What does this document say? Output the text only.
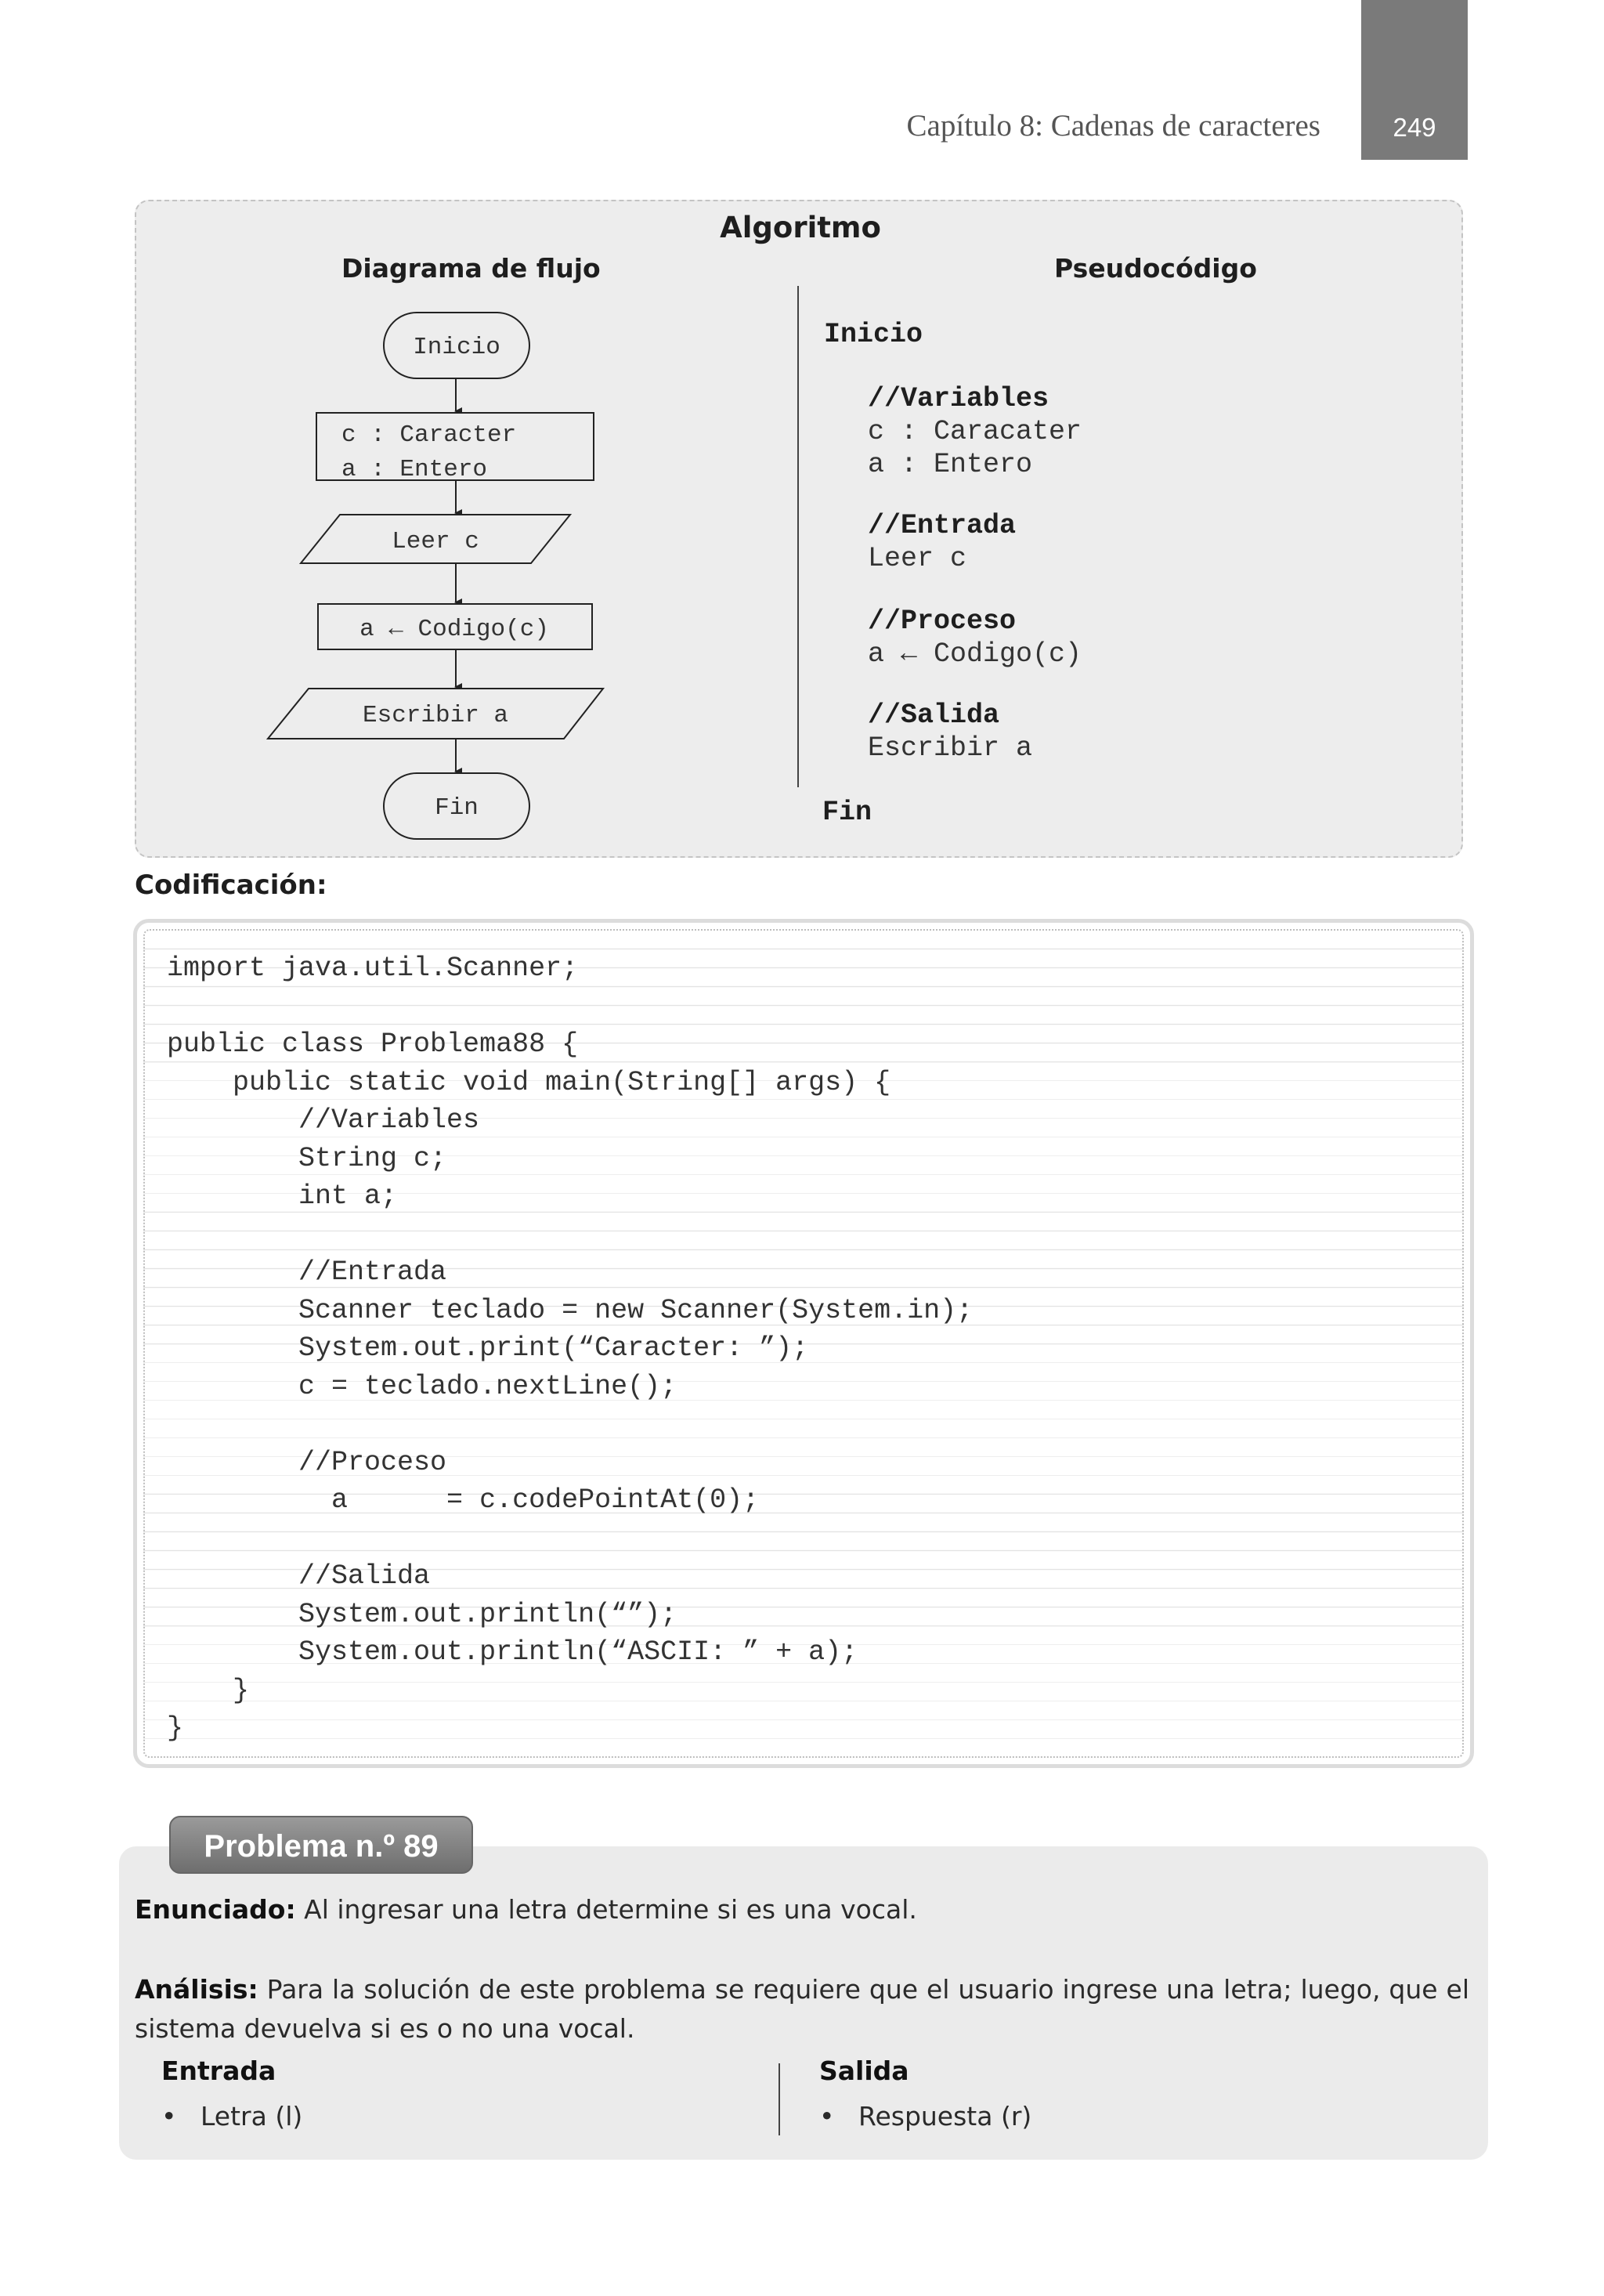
Capítulo 8: Cadenas de caracteres	249
Algoritmo
Diagrama de flujo	Pseudocódigo
Inicio
c : Caracter
a : Entero
Leer c
a ← Codigo(c)
Escribir a
Fin
Inicio
//Variables
c : Caracater
a : Entero
//Entrada
Leer c
//Proceso
a ← Codigo(c)
//Salida
Escribir a
Fin
Codificación:
import java.util.Scanner;
public class Problema88 {
public static void main(String[] args) {
//Variables
String c;
int a;
//Entrada
Scanner teclado = new Scanner(System.in);
System.out.print(“Caracter: ”);
c = teclado.nextLine();
//Proceso
a      = c.codePointAt(0);
//Salida
System.out.println(“”);
System.out.println(“ASCII: ” + a);
}
}
Problema n.º 89
Enunciado: Al ingresar una letra determine si es una vocal.
Análisis: Para la solución de este problema se requiere que el usuario ingrese una letra; luego, que el sistema devuelva si es o no una vocal.
Entrada
• Letra (l)
Salida
• Respuesta (r)
